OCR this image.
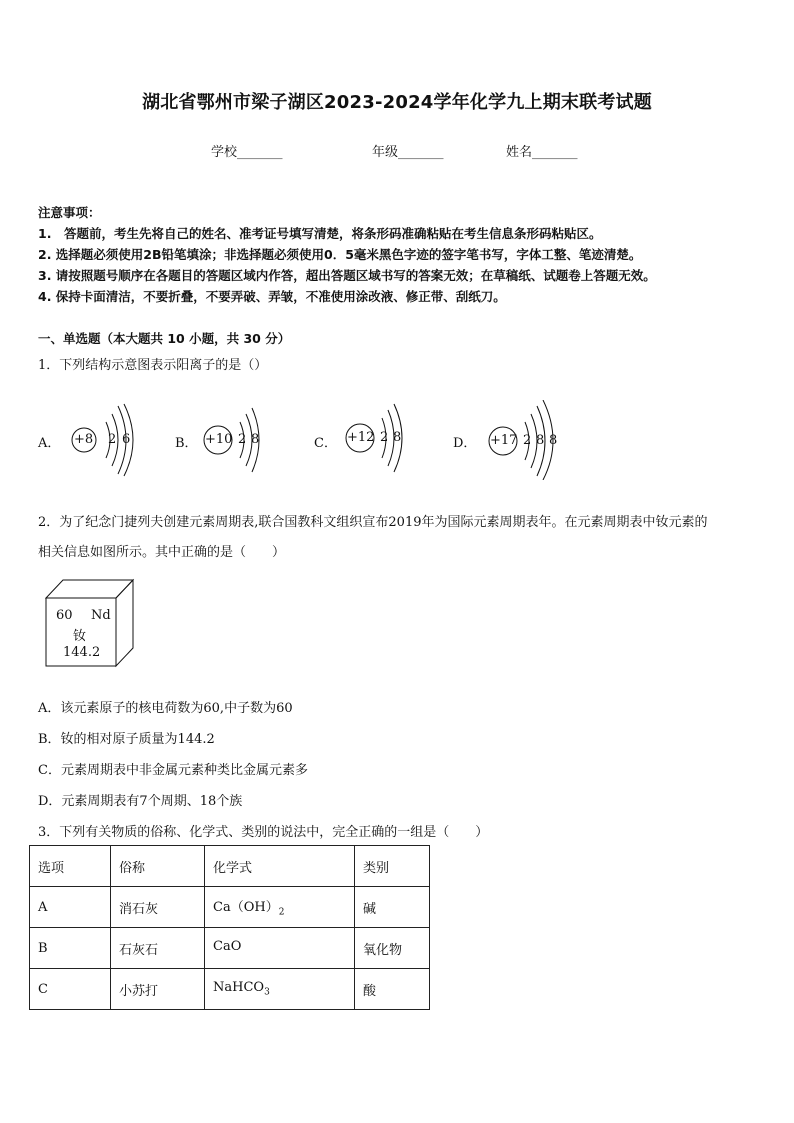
湖北省鄂州市梁子湖区2023-2024学年化学九上期末联考试题
学校_______	年级_______	姓名_______
注意事项：
1.　答题前，考生先将自己的姓名、准考证号填写清楚，将条形码准确粘贴在考生信息条形码粘贴区。
2. 选择题必须使用2B铅笔填涂；非选择题必须使用0．5毫米黑色字迹的签字笔书写，字体工整、笔迹清楚。
3. 请按照题号顺序在各题目的答题区域内作答，超出答题区域书写的答案无效；在草稿纸、试题卷上答题无效。
4. 保持卡面清洁，不要折叠，不要弄破、弄皱，不准使用涂改液、修正带、刮纸刀。
一、单选题（本大题共 10 小题，共 30 分）
1．下列结构示意图表示阳离子的是（）
A． +8 2 6	B． +10 2 8	C． +12 2 8	D． +17 2 8 8
2．为了纪念门捷列夫创建元素周期表,联合国教科文组织宣布2019年为国际元素周期表年。在元素周期表中钕元素的
相关信息如图所示。其中正确的是（　　）
60 Nd
钕
144.2
A．该元素原子的核电荷数为60,中子数为60
B．钕的相对原子质量为144.2
C．元素周期表中非金属元素种类比金属元素多
D．元素周期表有7个周期、18个族
3．下列有关物质的俗称、化学式、类别的说法中，完全正确的一组是（　　）
选项	俗称	化学式	类别
A	消石灰	$Ca(OH)_2$	碱
B	石灰石	CaO	氧化物
C	小苏打	NaHCO$_3$	酸
